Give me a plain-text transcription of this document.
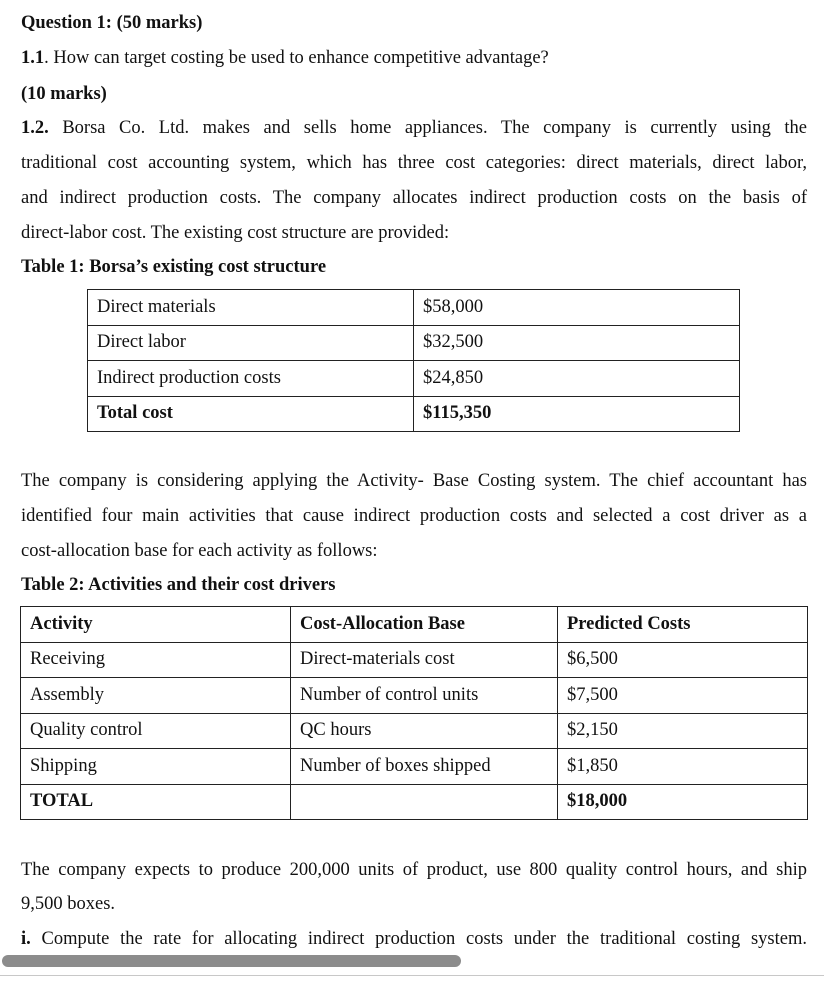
Question 1: (50 marks)
1.1. How can target costing be used to enhance competitive advantage?
(10 marks)
1.2. Borsa Co. Ltd. makes and sells home appliances. The company is currently using the
traditional cost accounting system, which has three cost categories: direct materials, direct labor,
and indirect production costs. The company allocates indirect production costs on the basis of
direct-labor cost. The existing cost structure are provided:
Table 1: Borsa’s existing cost structure
Direct materials	$58,000
Direct labor	$32,500
Indirect production costs	$24,850
Total cost	$115,350
The company is considering applying the Activity- Base Costing system. The chief accountant has
identified four main activities that cause indirect production costs and selected a cost driver as a
cost-allocation base for each activity as follows:
Table 2: Activities and their cost drivers
Activity	Cost-Allocation Base	Predicted Costs
Receiving	Direct-materials cost	$6,500
Assembly	Number of control units	$7,500
Quality control	QC hours	$2,150
Shipping	Number of boxes shipped	$1,850
TOTAL		$18,000
The company expects to produce 200,000 units of product, use 800 quality control hours, and ship
9,500 boxes.
i. Compute the rate for allocating indirect production costs under the traditional costing system.
